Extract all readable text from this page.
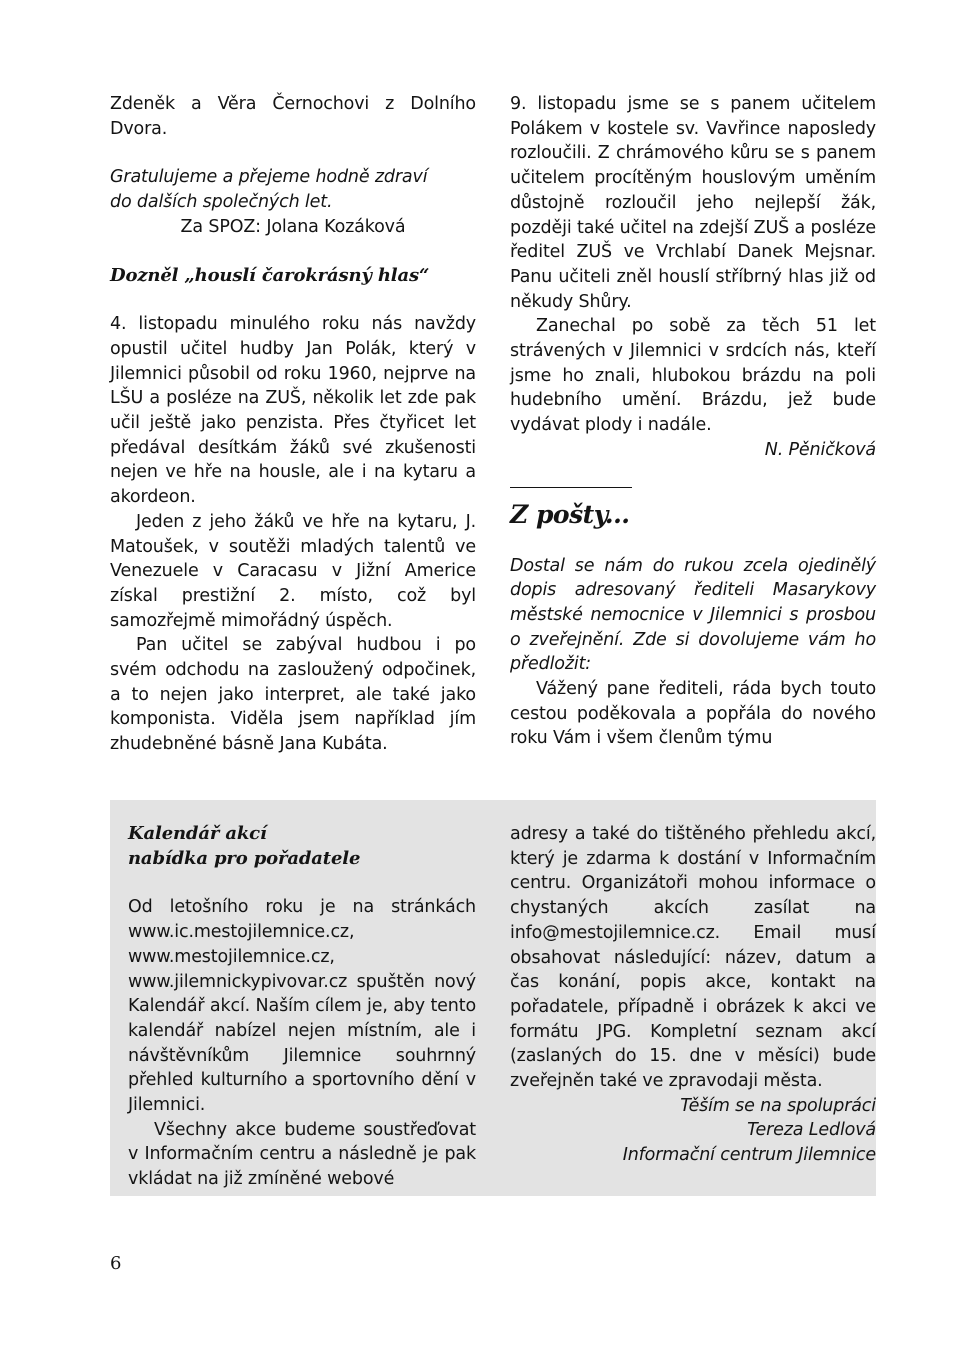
Zdeněk a Věra Černochovi z Dolního Dvora.

Gratulujeme a přejeme hodně zdraví

do dalších společných let.

Za SPOZ: Jolana Kozáková

Dozněl „houslí čarokrásný hlas“

4. listopadu minulého roku nás navždy opustil učitel hudby Jan Polák, který v Jilemnici působil od roku 1960, nejprve na LŠU a posléze na ZUŠ, několik let zde pak učil ještě jako penzista. Přes čtyřicet let předával desítkám žáků své zkušenosti nejen ve hře na housle, ale i na kytaru a akordeon.

Jeden z jeho žáků ve hře na kytaru, J. Matoušek, v soutěži mladých talentů ve Venezuele v Caracasu v Jižní Americe získal prestižní 2. místo, což byl samozřejmě mimořádný úspěch.

Pan učitel se zabýval hudbou i po svém odchodu na zasloužený odpočinek, a to nejen jako interpret, ale také jako komponista. Viděla jsem například jím zhudebněné básně Jana Kubáta.

9. listopadu jsme se s panem učitelem Polákem v kostele sv. Vavřince naposledy rozloučili. Z chrámového kůru se s panem učitelem procítěným houslovým uměním důstojně rozloučil jeho nejlepší žák, později také učitel na zdejší ZUŠ a posléze ředitel ZUŠ ve Vrchlabí Danek Mejsnar. Panu učiteli zněl houslí stříbrný hlas již od někudy Shůry.

Zanechal po sobě za těch 51 let strávených v Jilemnici v srdcích nás, kteří jsme ho znali, hlubokou brázdu na poli hudebního umění. Brázdu, jež bude vydávat plody i nadále.

N. Pěničková

Z pošty...

Dostal se nám do rukou zcela ojedinělý dopis adresovaný řediteli Masarykovy městské nemocnice v Jilemnici s prosbou o zveřejnění. Zde si dovolujeme vám ho předložit:

Vážený pane řediteli, ráda bych touto cestou poděkovala a popřála do nového roku Vám i všem členům týmu

Kalendář akcí

nabídka pro pořadatele

Od letošního roku je na stránkách www.ic.mestojilemnice.cz, www.mestojilemnice.cz, www.jilemnickypivovar.cz spuštěn nový Kalendář akcí. Naším cílem je, aby tento kalendář nabízel nejen místním, ale i návštěvníkům Jilemnice souhrnný přehled kulturního a sportovního dění v Jilemnici.

Všechny akce budeme soustřeďovat v Informačním centru a následně je pak vkládat na již zmíněné webové

adresy a také do tištěného přehledu akcí, který je zdarma k dostání v Informačním centru. Organizátoři mohou informace o chystaných akcích zasílat na info@mestojilemnice.cz. Email musí obsahovat následující: název, datum a čas konání, popis akce, kontakt na pořadatele, případně i obrázek k akci ve formátu JPG. Kompletní seznam akcí (zaslaných do 15. dne v měsíci) bude zveřejněn také ve zpravodaji města.

Těším se na spolupráci

Tereza Ledlová

Informační centrum Jilemnice

6
